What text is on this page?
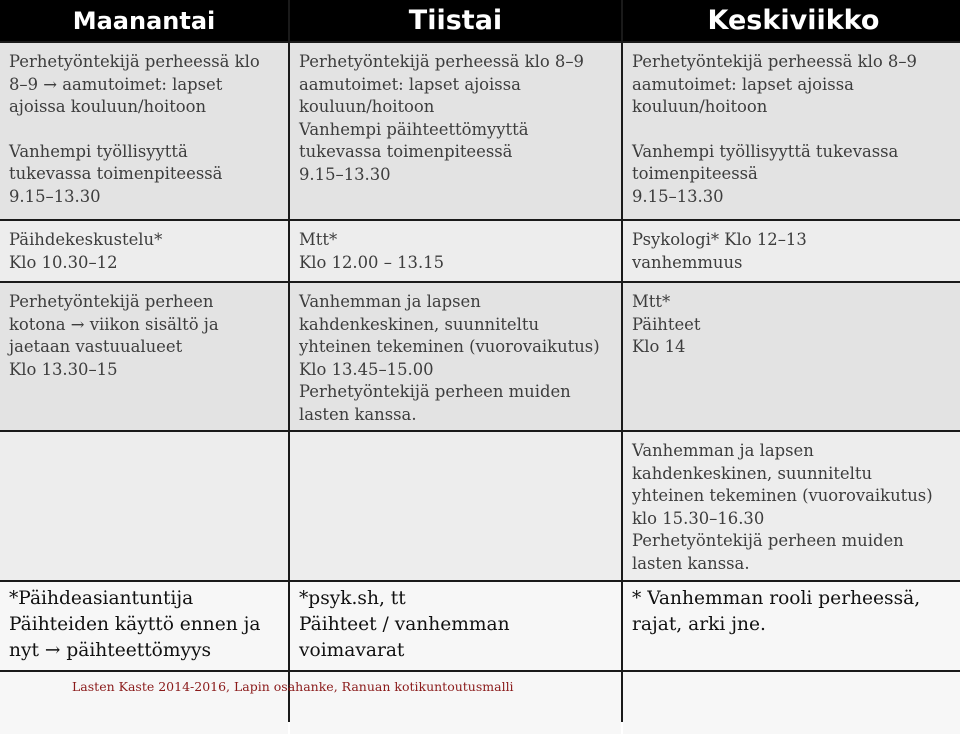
Maanantai	Tiistai	Keskiviikko
Perhetyöntekijä perheessä klo
8–9 → aamutoimet: lapset
ajoissa kouluun/hoitoon
Vanhempi työllisyyttä
tukevassa toimenpiteessä
9.15–13.30
Perhetyöntekijä perheessä klo 8–9
aamutoimet: lapset ajoissa
kouluun/hoitoon
Vanhempi päihteettömyyttä
tukevassa toimenpiteessä
9.15–13.30
Perhetyöntekijä perheessä klo 8–9
aamutoimet: lapset ajoissa
kouluun/hoitoon
Vanhempi työllisyyttä tukevassa
toimenpiteessä
9.15–13.30
Päihdekeskustelu*
Klo 10.30–12
Mtt*
Klo 12.00 – 13.15
Psykologi* Klo 12–13
vanhemmuus
Perhetyöntekijä perheen
kotona → viikon sisältö ja
jaetaan vastuualueet
Klo 13.30–15
Vanhemman ja lapsen
kahdenkeskinen, suunniteltu
yhteinen tekeminen (vuorovaikutus)
Klo 13.45–15.00
Perhetyöntekijä perheen muiden
lasten kanssa.
Mtt*
Päihteet
Klo 14
Vanhemman ja lapsen
kahdenkeskinen, suunniteltu
yhteinen tekeminen (vuorovaikutus)
klo 15.30–16.30
Perhetyöntekijä perheen muiden
lasten kanssa.
*Päihdeasiantuntija
Päihteiden käyttö ennen ja
nyt → päihteettömyys
*psyk.sh, tt
Päihteet / vanhemman
voimavarat
* Vanhemman rooli perheessä,
rajat, arki jne.
Lasten Kaste 2014-2016, Lapin osahanke, Ranuan kotikuntoutusmalli
